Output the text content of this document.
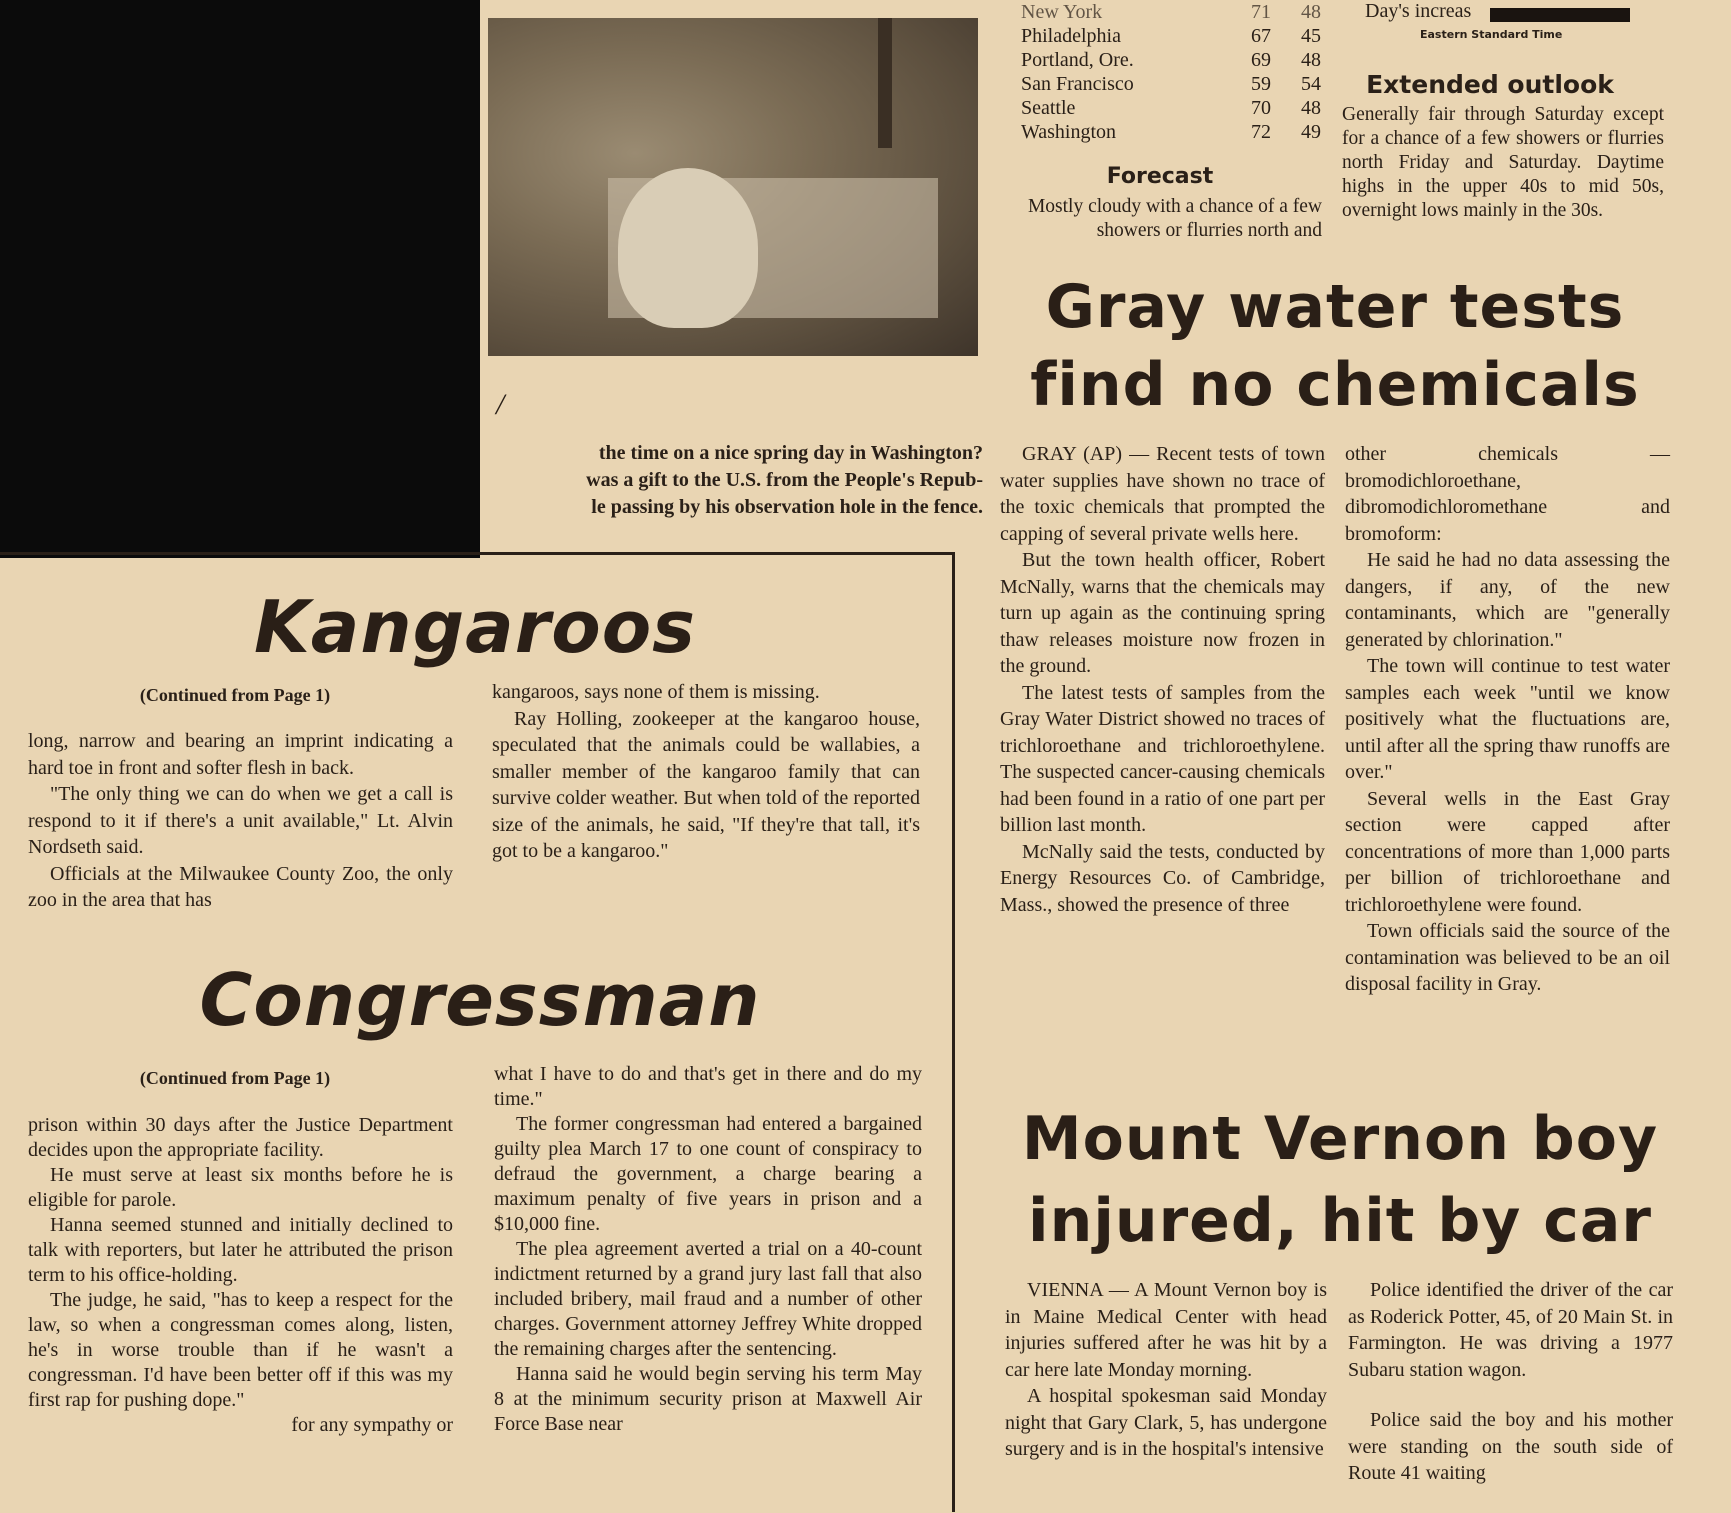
/
the time on a nice spring day in Washington?
was a gift to the U.S. from the People's Repub-
le passing by his observation hole in the fence.
New York	71	48
Philadelphia	67	45
Portland, Ore.	69	48
San Francisco	59	54
Seattle	70	48
Washington	72	49
Forecast
Mostly cloudy with a chance of a few showers or flurries north and
Day's increas
Eastern Standard Time
Extended outlook
Generally fair through Saturday except for a chance of a few showers or flurries north Friday and Saturday. Daytime highs in the upper 40s to mid 50s, overnight lows mainly in the 30s.
Gray water tests
find no chemicals

GRAY (AP) — Recent tests of town water supplies have shown no trace of the toxic chemicals that prompted the capping of several private wells here.

But the town health officer, Robert McNally, warns that the chemicals may turn up again as the continuing spring thaw releases moisture now frozen in the ground.

The latest tests of samples from the Gray Water District showed no traces of trichloroethane and trichloroethylene. The suspected cancer-causing chemicals had been found in a ratio of one part per billion last month.

McNally said the tests, conducted by Energy Resources Co. of Cambridge, Mass., showed the presence of three

other chemicals — bromodichloroethane, dibromodichloromethane and bromoform:

He said he had no data assessing the dangers, if any, of the new contaminants, which are "generally generated by chlorination."

The town will continue to test water samples each week "until we know positively what the fluctuations are, until after all the spring thaw runoffs are over."

Several wells in the East Gray section were capped after concentrations of more than 1,000 parts per billion of trichloroethane and trichloroethylene were found.

Town officials said the source of the contamination was believed to be an oil disposal facility in Gray.

Mount Vernon boy
injured, hit by car

VIENNA — A Mount Vernon boy is in Maine Medical Center with head injuries suffered after he was hit by a car here late Monday morning.

A hospital spokesman said Monday night that Gary Clark, 5, has undergone surgery and is in the hospital's intensive

Police identified the driver of the car as Roderick Potter, 45, of 20 Main St. in Farmington. He was driving a 1977 Subaru station wagon.

Police said the boy and his mother were standing on the south side of Route 41 waiting

Kangaroos
(Continued from Page 1)

long, narrow and bearing an imprint indicating a hard toe in front and softer flesh in back.

"The only thing we can do when we get a call is respond to it if there's a unit available," Lt. Alvin Nordseth said.

Officials at the Milwaukee County Zoo, the only zoo in the area that has

kangaroos, says none of them is missing.

Ray Holling, zookeeper at the kangaroo house, speculated that the animals could be wallabies, a smaller member of the kangaroo family that can survive colder weather. But when told of the reported size of the animals, he said, "If they're that tall, it's got to be a kangaroo."

Congressman
(Continued from Page 1)

prison within 30 days after the Justice Department decides upon the appropriate facility.

He must serve at least six months before he is eligible for parole.

Hanna seemed stunned and initially declined to talk with reporters, but later he attributed the prison term to his office-holding.

The judge, he said, "has to keep a respect for the law, so when a congressman comes along, listen, he's in worse trouble than if he wasn't a congressman. I'd have been better off if this was my first rap for pushing dope."

for any sympathy or

what I have to do and that's get in there and do my time."

The former congressman had entered a bargained guilty plea March 17 to one count of conspiracy to defraud the government, a charge bearing a maximum penalty of five years in prison and a $10,000 fine.

The plea agreement averted a trial on a 40-count indictment returned by a grand jury last fall that also included bribery, mail fraud and a number of other charges. Government attorney Jeffrey White dropped the remaining charges after the sentencing.

Hanna said he would begin serving his term May 8 at the minimum security prison at Maxwell Air Force Base near
